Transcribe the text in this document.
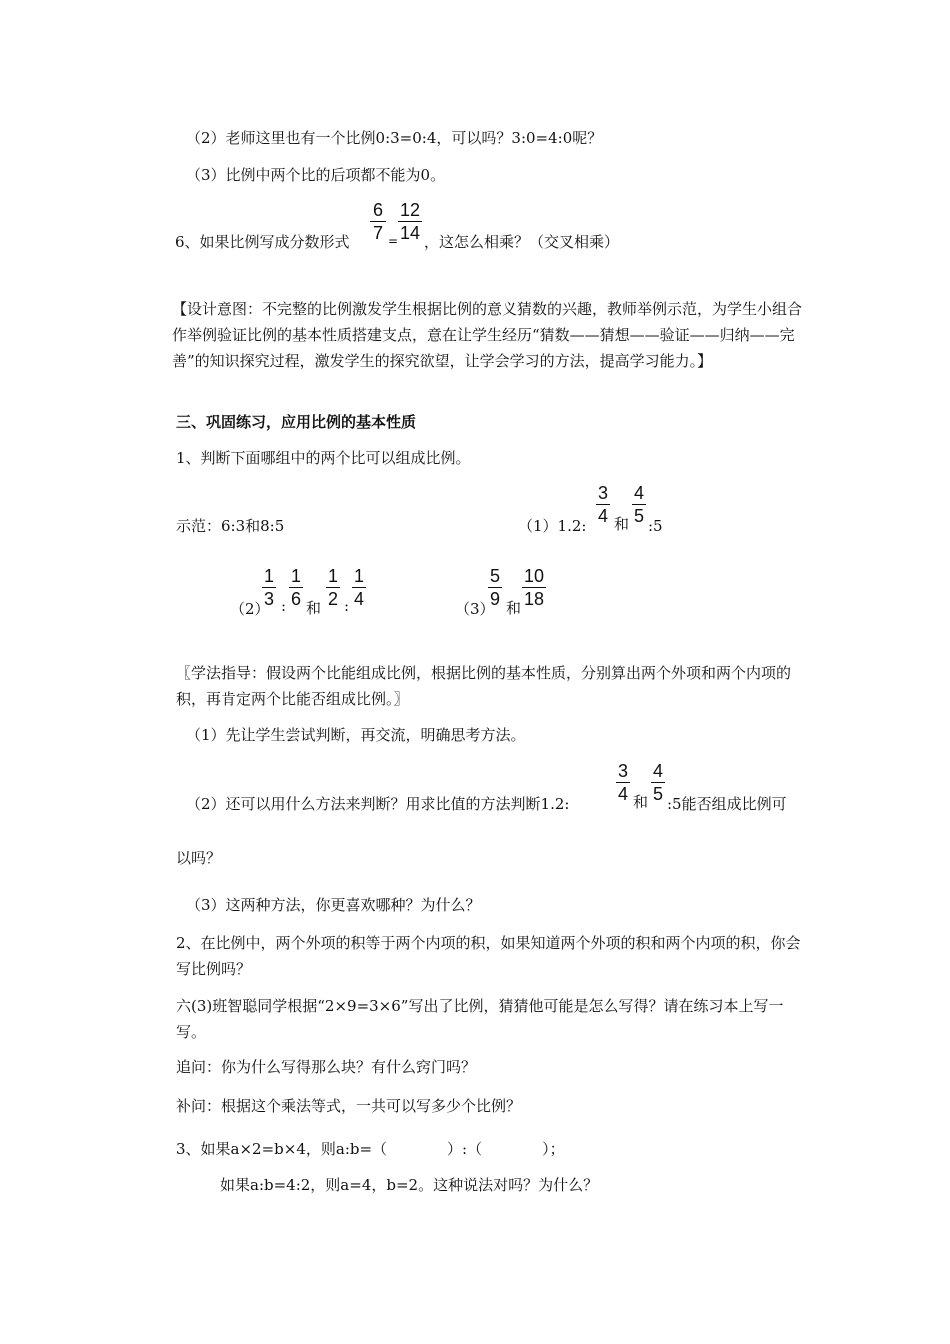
（2）老师这里也有一个比例0:3=0:4，可以吗？3:0=4:0呢？
（3）比例中两个比的后项都不能为0。
6、如果比例写成分数形式
6
7 =
12
14 ，这怎么相乘？（交叉相乘）
【设计意图：不完整的比例激发学生根据比例的意义猜数的兴趣，教师举例示范，为学生小组合作举例验证比例的基本性质搭建支点，意在让学生经历“猜数——猜想——验证——归纳——完善”的知识探究过程，激发学生的探究欲望，让学会学习的方法，提高学习能力。】
三、巩固练习，应用比例的基本性质
1、判断下面哪组中的两个比可以组成比例。
示范：6:3和8:5	（1）1.2:
3
4 和
4
5 :5
（2）
1
3 :
1
6 和
1
2 :
1
4	（3）
5
9 和
10
18
〖学法指导：假设两个比能组成比例，根据比例的基本性质，分别算出两个外项和两个内项的积，再肯定两个比能否组成比例。〗
（1）先让学生尝试判断，再交流，明确思考方法。
（2）还可以用什么方法来判断？用求比值的方法判断1.2:
3
4 和
4
5 :5能否组成比例可
以吗？
（3）这两种方法，你更喜欢哪种？为什么？
2、在比例中，两个外项的积等于两个内项的积，如果知道两个外项的积和两个内项的积，你会写比例吗？
六(3)班智聪同学根据“2×9=3×6”写出了比例，猜猜他可能是怎么写得？请在练习本上写一写。
追问：你为什么写得那么块？有什么窍门吗？
补问：根据这个乘法等式，一共可以写多少个比例？
3、如果a×2=b×4，则a:b=（　　　　）:（　　　　）；
如果a:b=4:2，则a=4，b=2。这种说法对吗？为什么？
